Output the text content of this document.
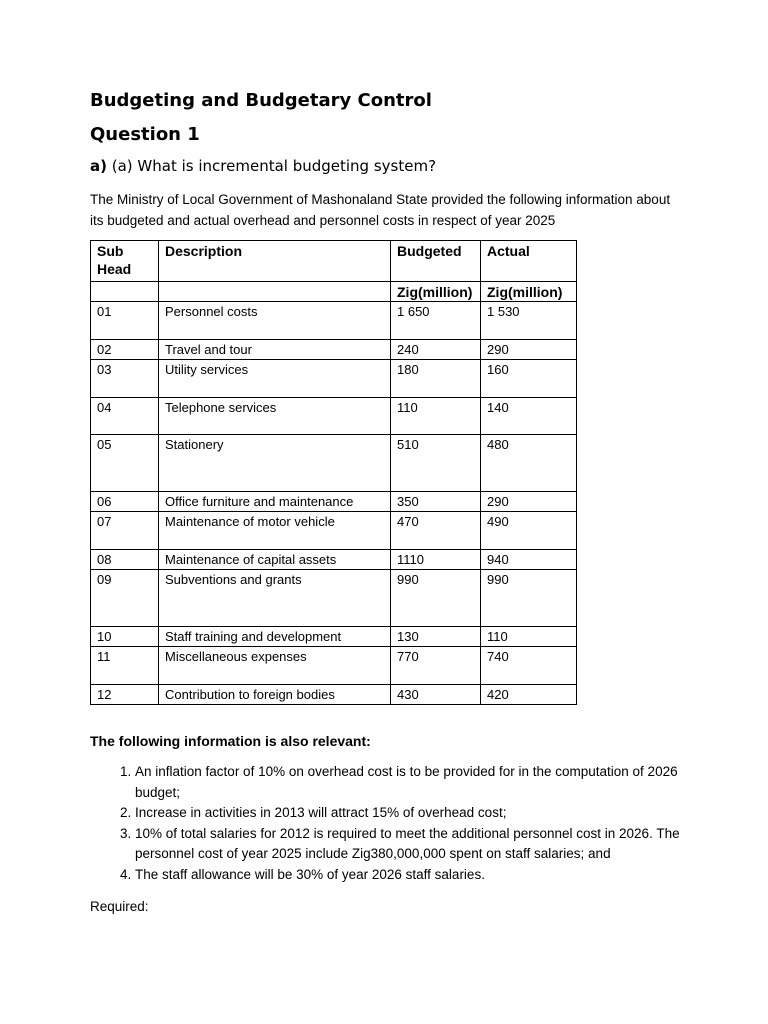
Budgeting and Budgetary Control
Question 1
a) (a) What is incremental budgeting system?
The Ministry of Local Government of Mashonaland State provided the following information about its budgeted and actual overhead and personnel costs in respect of year 2025
Sub Head	Description	Budgeted	Actual
		Zig(million)	Zig(million)
01	Personnel costs	1 650	1 530
02	Travel and tour	240	290
03	Utility services	180	160
04	Telephone services	110	140
05	Stationery	510	480
06	Office furniture and maintenance	350	290
07	Maintenance of motor vehicle	470	490
08	Maintenance of capital assets	1110	940
09	Subventions and grants	990	990
10	Staff training and development	130	110
11	Miscellaneous expenses	770	740
12	Contribution to foreign bodies	430	420
The following information is also relevant:
1. An inflation factor of 10% on overhead cost is to be provided for in the computation of 2026 budget;
2. Increase in activities in 2013 will attract 15% of overhead cost;
3. 10% of total salaries for 2012 is required to meet the additional personnel cost in 2026. The personnel cost of year 2025 include Zig380,000,000 spent on staff salaries; and
4. The staff allowance will be 30% of year 2026 staff salaries.
Required:
